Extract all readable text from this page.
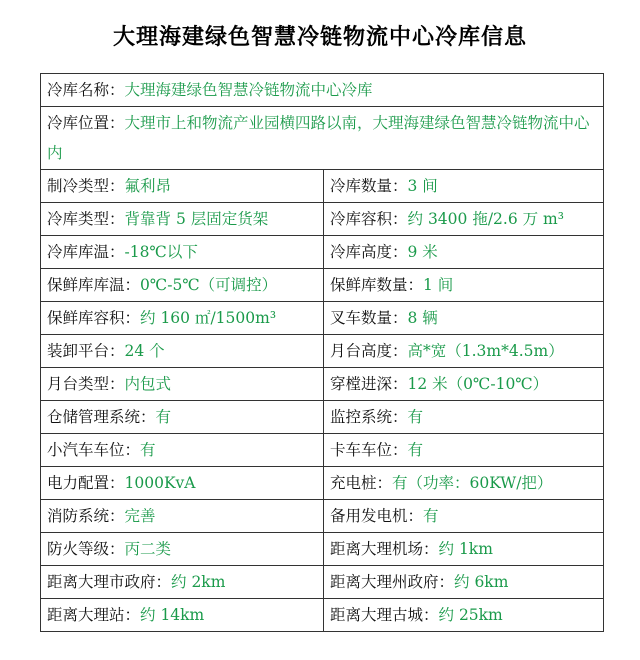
大理海建绿色智慧冷链物流中心冷库信息
冷库名称：大理海建绿色智慧冷链物流中心冷库	
冷库位置：大理市上和物流产业园横四路以南，大理海建绿色智慧冷链物流中心内	
制冷类型：氟利昂	冷库数量：3 间
冷库类型：背靠背 5 层固定货架	冷库容积：约 3400 拖/2.6 万 m³
冷库库温：-18℃以下	冷库高度：9 米
保鲜库库温：0℃-5℃（可调控）	保鲜库数量：1 间
保鲜库容积：约 160 ㎡/1500m³	叉车数量：8 辆
装卸平台：24 个	月台高度：高*宽（1.3m*4.5m）
月台类型：内包式	穿樘进深：12 米（0℃-10℃）
仓储管理系统：有	监控系统：有
小汽车车位：有	卡车车位：有
电力配置：1000KvA	充电桩：有（功率：60KW/把）
消防系统：完善	备用发电机：有
防火等级：丙二类	距离大理机场：约 1km
距离大理市政府：约 2km	距离大理州政府：约 6km
距离大理站：约 14km	距离大理古城：约 25km
